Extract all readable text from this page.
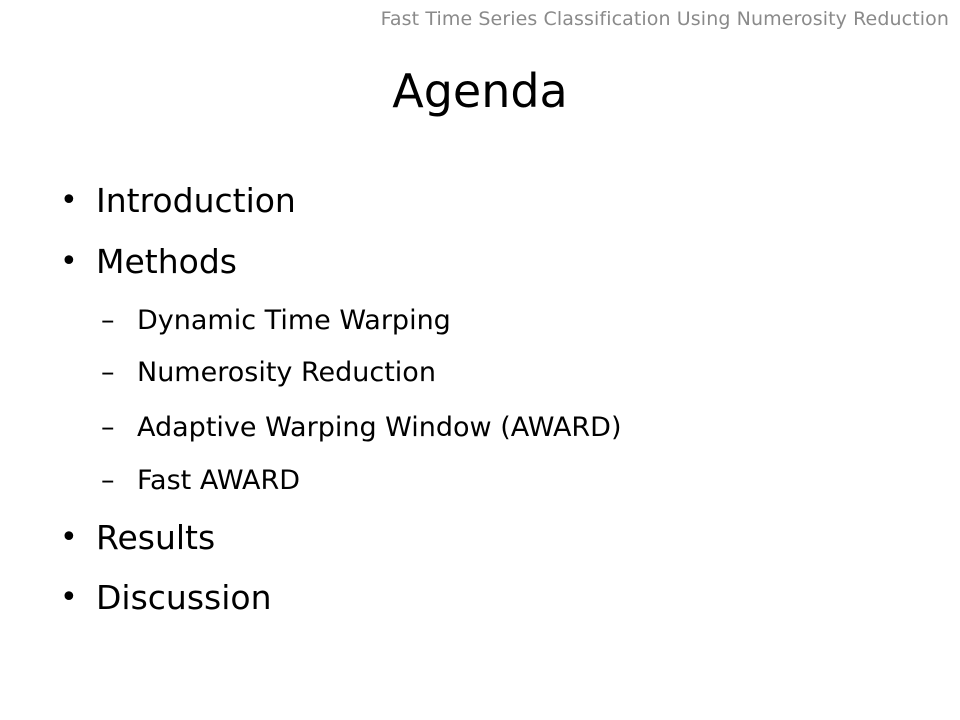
Fast Time Series Classification Using Numerosity Reduction
Agenda
• Introduction
• Methods
– Dynamic Time Warping
– Numerosity Reduction
– Adaptive Warping Window (AWARD)
– Fast AWARD
• Results
• Discussion
